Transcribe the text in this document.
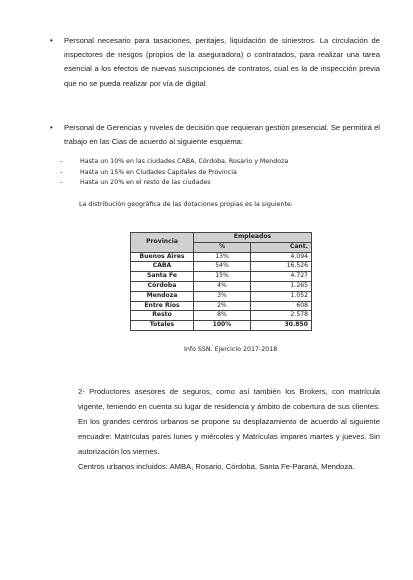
• Personal necesario para tasaciones, peritajes, liquidación de siniestros. La circulación de inspectores de riesgos (propios de la aseguradora) o contratados, para realizar una tarea esencial a los efectos de nuevas suscripciones de contratos, cual es la de inspección previa que no se pueda realizar por vía de digital.
• Personal de Gerencias y niveles de decisión que requieran gestión presencial. Se permitirá el trabajo en las Cias de acuerdo al siguiente esquema:
-	Hasta un 10% en las ciudades CABA, Córdoba, Rosario y Mendoza
-	Hasta un 15% en Ciudades Capitales de Provincia
-	Hasta un 20% en el resto de las ciudades
La distribución geográfica de las dotaciones propias es la siguiente:
Provincia	Empleados	
	%	Cant.
Buenos Aires	13%	4.094
CABA	54%	16.526
Santa Fe	15%	4.727
Córdoba	4%	1.265
Mendoza	3%	1.052
Entre Ríos	2%	608
Resto	8%	2.578
Totales	100%	30.850
Info SSN. Ejercicio 2017-2018
2- Productores asesores de seguros, como así también los Brokers, con matrícula vigente, teniendo en cuenta su lugar de residencia y ámbito de cobertura de sus clientes. En los grandes centros urbanos se propone su desplazamiento de acuerdo al siguiente encuadre: Matrículas pares lunes y miércoles y Matrículas impares martes y jueves. Sin autorización los viernes.
Centros urbanos incluidos: AMBA, Rosario, Córdoba, Santa Fe-Paraná, Mendoza.
